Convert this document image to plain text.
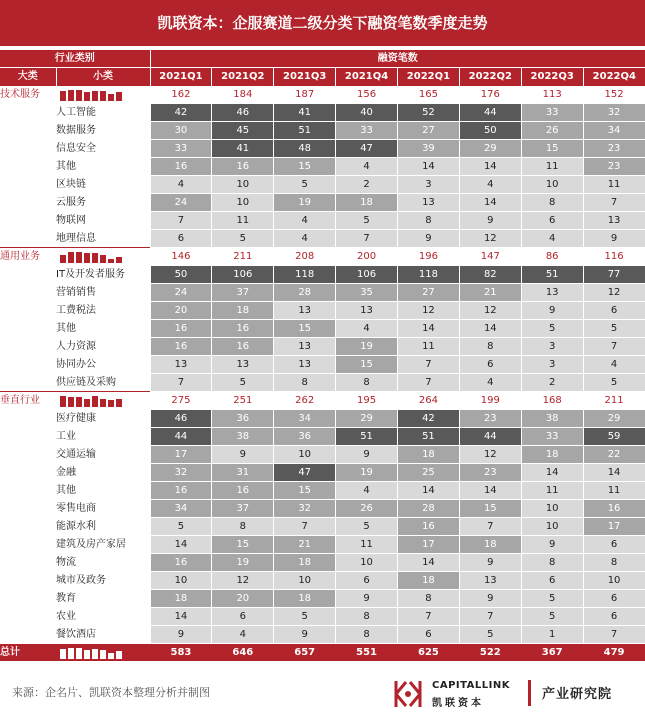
凯联资本：企服赛道二级分类下融资笔数季度走势
行业类别		融资笔数							
大类	小类	2021Q1	2021Q2	2021Q3	2021Q4	2022Q1	2022Q2	2022Q3	2022Q4
技术服务		162	184	187	156	165	176	113	152
	人工智能	42	46	41	40	52	44	33	32
	数据服务	30	45	51	33	27	50	26	34
	信息安全	33	41	48	47	39	29	15	23
	其他	16	16	15	4	14	14	11	23
	区块链	4	10	5	2	3	4	10	11
	云服务	24	10	19	18	13	14	8	7
	物联网	7	11	4	5	8	9	6	13
	地理信息	6	5	4	7	9	12	4	9
通用业务		146	211	208	200	196	147	86	116
	IT及开发者服务	50	106	118	106	118	82	51	77
	营销销售	24	37	28	35	27	21	13	12
	工费税法	20	18	13	13	12	12	9	6
	其他	16	16	15	4	14	14	5	5
	人力资源	16	16	13	19	11	8	3	7
	协同办公	13	13	13	15	7	6	3	4
	供应链及采购	7	5	8	8	7	4	2	5
垂直行业		275	251	262	195	264	199	168	211
	医疗健康	46	36	34	29	42	23	38	29
	工业	44	38	36	51	51	44	33	59
	交通运输	17	9	10	9	18	12	18	22
	金融	32	31	47	19	25	23	14	14
	其他	16	16	15	4	14	14	11	11
	零售电商	34	37	32	26	28	15	10	16
	能源水利	5	8	7	5	16	7	10	17
	建筑及房产家居	14	15	21	11	17	18	9	6
	物流	16	19	18	10	14	9	8	8
	城市及政务	10	12	10	6	18	13	6	10
	教育	18	20	18	9	8	9	5	6
	农业	14	6	5	8	7	7	5	6
	餐饮酒店	9	4	9	8	6	5	1	7
总计		583	646	657	551	625	522	367	479
来源：企名片、凯联资本整理分析并制图
CAPITALLINK
凯联资本
产业研究院
